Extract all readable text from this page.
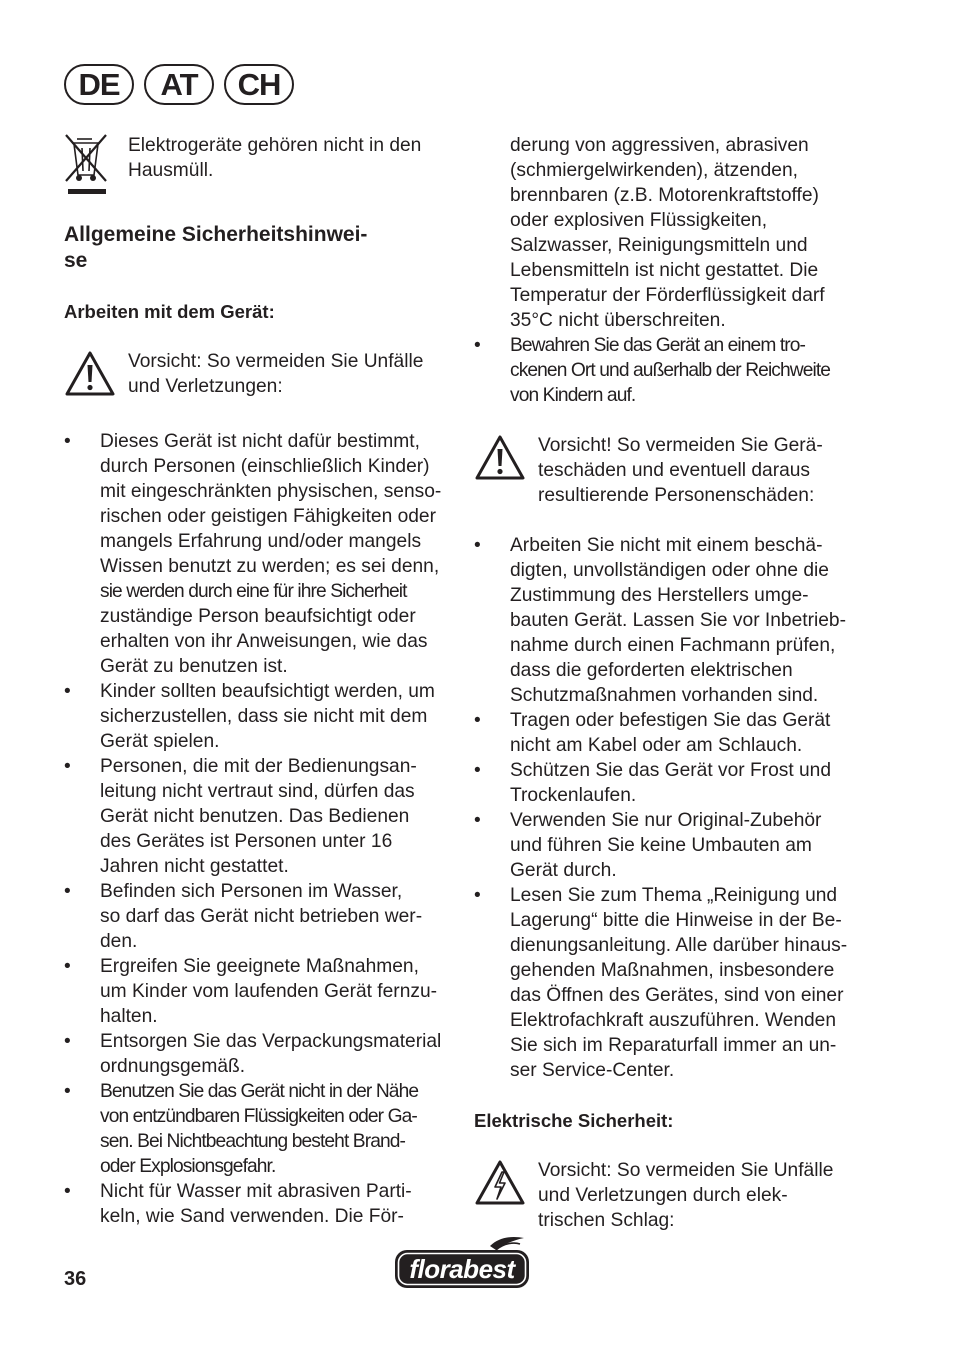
DE	AT	CH
Elektrogeräte gehören nicht in den
Hausmüll.
Allgemeine Sicherheitshinwei-
se
Arbeiten mit dem Gerät:
Vorsicht: So vermeiden Sie Unfälle
und Verletzungen:
• Dieses Gerät ist nicht dafür bestimmt,
durch Personen (einschließlich Kinder)
mit eingeschränkten physischen, senso-
rischen oder geistigen Fähigkeiten oder
mangels Erfahrung und/oder mangels
Wissen benutzt zu werden; es sei denn,
sie werden durch eine für ihre Sicherheit
zuständige Person beaufsichtigt oder
erhalten von ihr Anweisungen, wie das
Gerät zu benutzen ist.
• Kinder sollten beaufsichtigt werden, um
sicherzustellen, dass sie nicht mit dem
Gerät spielen.
• Personen, die mit der Bedienungsan-
leitung nicht vertraut sind, dürfen das
Gerät nicht benutzen. Das Bedienen
des Gerätes ist Personen unter 16
Jahren nicht gestattet.
• Befinden sich Personen im Wasser,
so darf das Gerät nicht betrieben wer-
den.
• Ergreifen Sie geeignete Maßnahmen,
um Kinder vom laufenden Gerät fernzu-
halten.
• Entsorgen Sie das Verpackungsmaterial
ordnungsgemäß.
• Benutzen Sie das Gerät nicht in der Nähe
von entzündbaren Flüssigkeiten oder Ga-
sen. Bei Nichtbeachtung besteht Brand-
oder Explosionsgefahr.
• Nicht für Wasser mit abrasiven Parti-
keln, wie Sand verwenden. Die För-
derung von aggressiven, abrasiven
(schmiergelwirkenden), ätzenden,
brennbaren (z.B. Motorenkraftstoffe)
oder explosiven Flüssigkeiten,
Salzwasser, Reinigungsmitteln und
Lebensmitteln ist nicht gestattet. Die
Temperatur der Förderflüssigkeit darf
35°C nicht überschreiten.
• Bewahren Sie das Gerät an einem tro-
ckenen Ort und außerhalb der Reichweite
von Kindern auf.
Vorsicht! So vermeiden Sie Gerä-
teschäden und eventuell daraus
resultierende Personenschäden:
• Arbeiten Sie nicht mit einem beschä-
digten, unvollständigen oder ohne die
Zustimmung des Herstellers umge-
bauten Gerät. Lassen Sie vor Inbetrieb-
nahme durch einen Fachmann prüfen,
dass die geforderten elektrischen
Schutzmaßnahmen vorhanden sind.
• Tragen oder befestigen Sie das Gerät
nicht am Kabel oder am Schlauch.
• Schützen Sie das Gerät vor Frost und
Trockenlaufen.
• Verwenden Sie nur Original-Zubehör
und führen Sie keine Umbauten am
Gerät durch.
• Lesen Sie zum Thema „Reinigung und
Lagerung“ bitte die Hinweise in der Be-
dienungsanleitung. Alle darüber hinaus-
gehenden Maßnahmen, insbesondere
das Öffnen des Gerätes, sind von einer
Elektrofachkraft auszuführen. Wenden
Sie sich im Reparaturfall immer an un-
ser Service-Center.
Elektrische Sicherheit:
Vorsicht: So vermeiden Sie Unfälle
und Verletzungen durch elek-
trischen Schlag:
36	florabest
